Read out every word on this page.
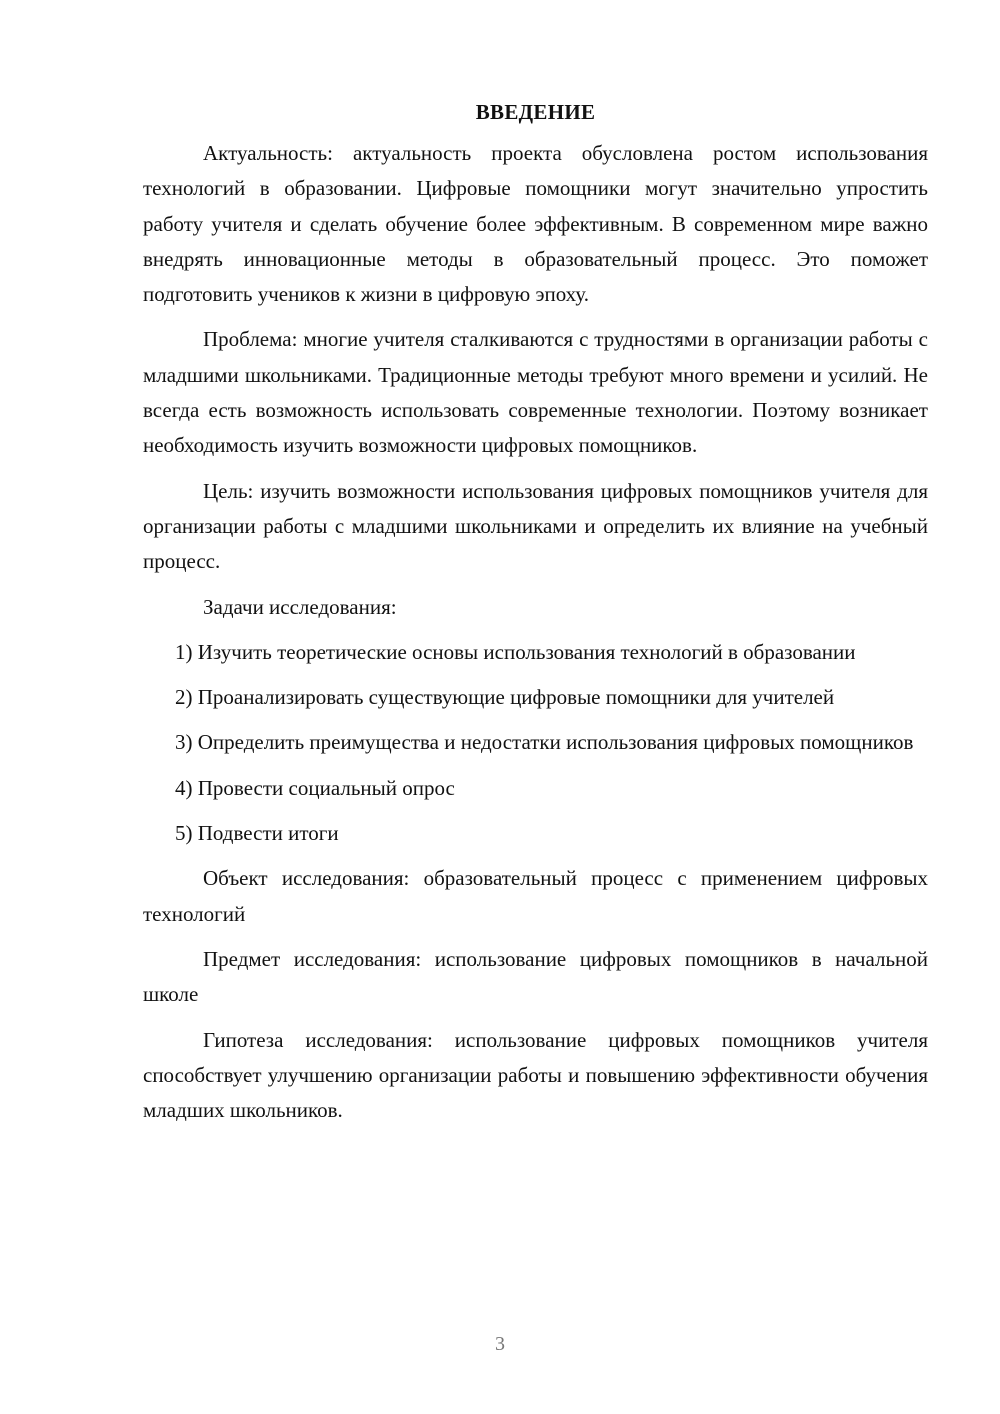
ВВЕДЕНИЕ

Актуальность: актуальность проекта обусловлена ростом использования технологий в образовании. Цифровые помощники могут значительно упростить работу учителя и сделать обучение более эффективным. В современном мире важно внедрять инновационные методы в образовательный процесс. Это поможет подготовить учеников к жизни в цифровую эпоху.

Проблема: многие учителя сталкиваются с трудностями в организации работы с младшими школьниками. Традиционные методы требуют много времени и усилий. Не всегда есть возможность использовать современные технологии. Поэтому возникает необходимость изучить возможности цифровых помощников.

Цель: изучить возможности использования цифровых помощников учителя для организации работы с младшими школьниками и определить их влияние на учебный процесс.

Задачи исследования:

1) Изучить теоретические основы использования технологий в образовании

2) Проанализировать существующие цифровые помощники для учителей

3) Определить преимущества и недостатки использования цифровых помощников

4) Провести социальный опрос

5) Подвести итоги

Объект исследования: образовательный процесс с применением цифровых технологий

Предмет исследования: использование цифровых помощников в начальной школе

Гипотеза исследования: использование цифровых помощников учителя способствует улучшению организации работы и повышению эффективности обучения младших школьников.

3
